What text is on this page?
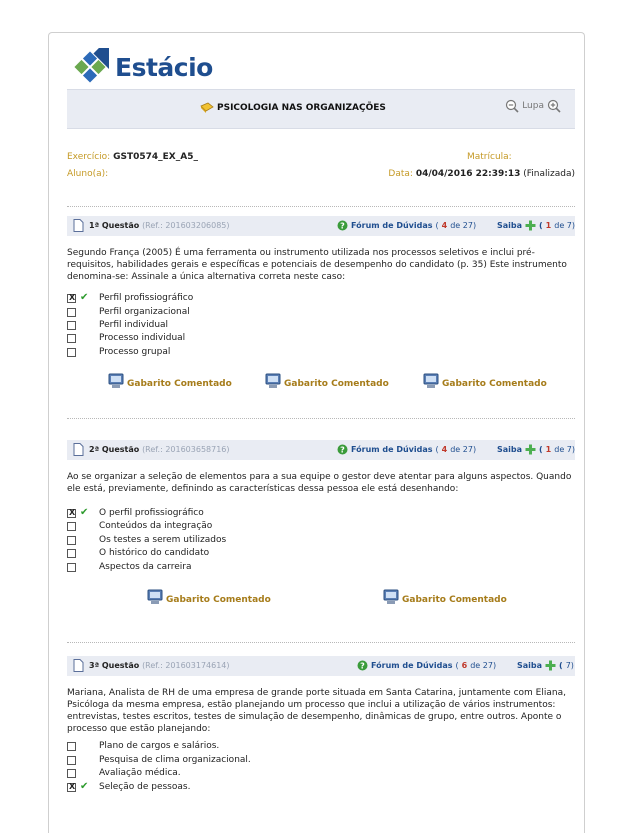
Estácio
PSICOLOGIA NAS ORGANIZAÇÕES	Lupa
Exercício: GST0574_EX_A5_	Matrícula:
Aluno(a):	Data: 04/04/2016 22:39:13 (Finalizada)
1ª Questão (Ref.: 201603206085)	? Fórum de Dúvidas ( 4 de 27)	Saiba ( 1 de 7)
Segundo França (2005) É uma ferramenta ou instrumento utilizada nos processos seletivos e inclui pré-requisitos, habilidades gerais e específicas e potenciais de desempenho do candidato (p. 35) Este instrumento denomina-se: Assinale a única alternativa correta neste caso:
X
✔ Perfil profissiográfico
Perfil organizacional
Perfil individual
Processo individual
Processo grupal
Gabarito Comentado	Gabarito Comentado	Gabarito Comentado
2ª Questão (Ref.: 201603658716)	? Fórum de Dúvidas ( 4 de 27)	Saiba ( 1 de 7)
Ao se organizar a seleção de elementos para a sua equipe o gestor deve atentar para alguns aspectos. Quando ele está, previamente, definindo as características dessa pessoa ele está desenhando:
X
✔ O perfil profissiográfico
Conteúdos da integração
Os testes a serem utilizados
O histórico do candidato
Aspectos da carreira
Gabarito Comentado	Gabarito Comentado
3ª Questão (Ref.: 201603174614)	? Fórum de Dúvidas ( 6 de 27)	Saiba ( 7)
Mariana, Analista de RH de uma empresa de grande porte situada em Santa Catarina, juntamente com Eliana, Psicóloga da mesma empresa, estão planejando um processo que inclui a utilização de vários instrumentos: entrevistas, testes escritos, testes de simulação de desempenho, dinâmicas de grupo, entre outros. Aponte o processo que estão planejando:
Plano de cargos e salários.
Pesquisa de clima organizacional.
Avaliação médica.
X
✔ Seleção de pessoas.
